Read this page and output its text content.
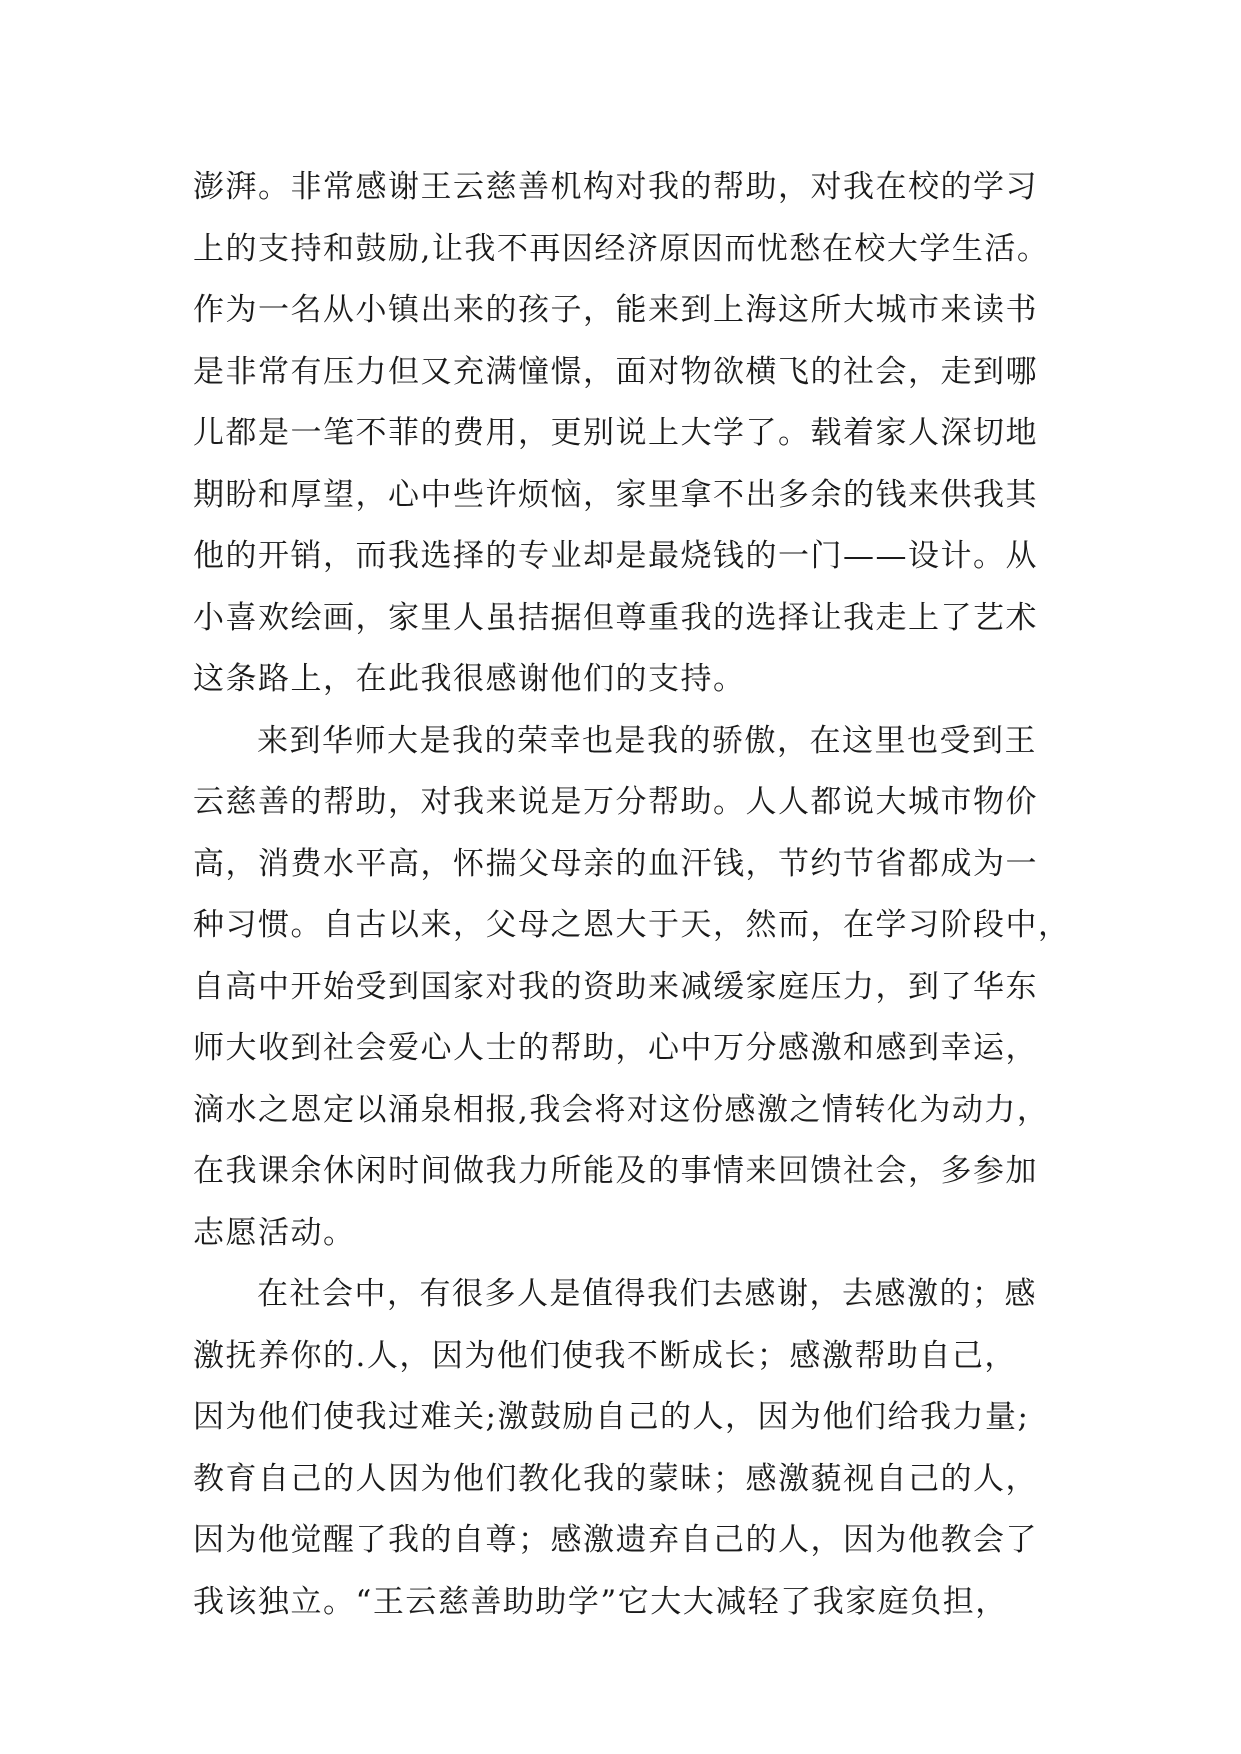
澎湃。非常感谢王云慈善机构对我的帮助，对我在校的学习
上的支持和鼓励,让我不再因经济原因而忧愁在校大学生活。
作为一名从小镇出来的孩子，能来到上海这所大城市来读书
是非常有压力但又充满憧憬，面对物欲横飞的社会，走到哪
儿都是一笔不菲的费用，更别说上大学了。载着家人深切地
期盼和厚望，心中些许烦恼，家里拿不出多余的钱来供我其
他的开销，而我选择的专业却是最烧钱的一门——设计。从
小喜欢绘画，家里人虽拮据但尊重我的选择让我走上了艺术
这条路上，在此我很感谢他们的支持。
来到华师大是我的荣幸也是我的骄傲，在这里也受到王
云慈善的帮助，对我来说是万分帮助。人人都说大城市物价
高，消费水平高，怀揣父母亲的血汗钱，节约节省都成为一
种习惯。自古以来，父母之恩大于天，然而，在学习阶段中，
自高中开始受到国家对我的资助来减缓家庭压力，到了华东
师大收到社会爱心人士的帮助，心中万分感激和感到幸运，
滴水之恩定以涌泉相报,我会将对这份感激之情转化为动力，
在我课余休闲时间做我力所能及的事情来回馈社会，多参加
志愿活动。
在社会中，有很多人是值得我们去感谢，去感激的；感
激抚养你的.人，因为他们使我不断成长；感激帮助自己，
因为他们使我过难关;激鼓励自己的人，因为他们给我力量;
教育自己的人因为他们教化我的蒙昧；感激藐视自己的人，
因为他觉醒了我的自尊；感激遗弃自己的人，因为他教会了
我该独立。“王云慈善助助学”它大大减轻了我家庭负担，
